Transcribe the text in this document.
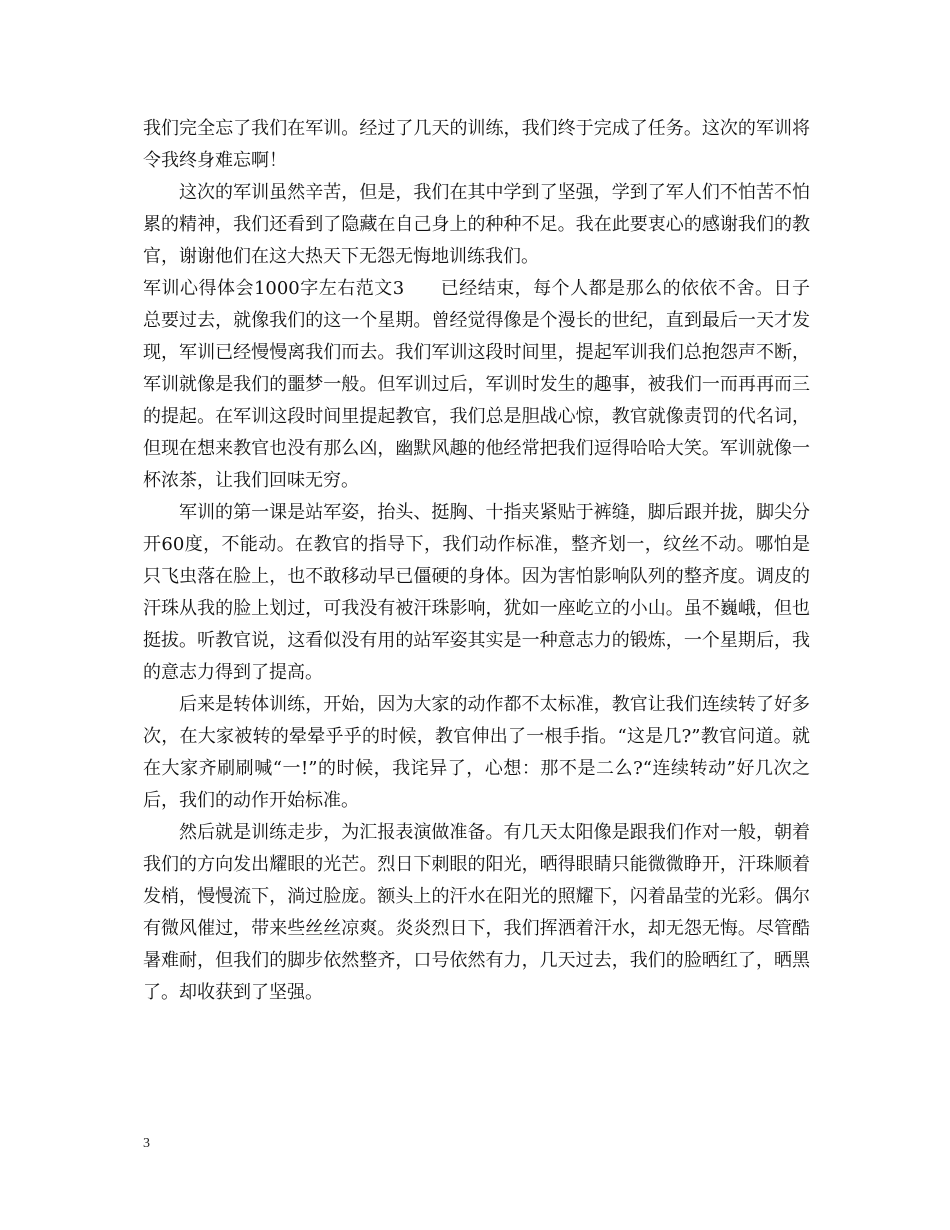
我们完全忘了我们在军训。经过了几天的训练，我们终于完成了任务。这次的军训将令我终身难忘啊！

这次的军训虽然辛苦，但是，我们在其中学到了坚强，学到了军人们不怕苦不怕累的精神，我们还看到了隐藏在自己身上的种种不足。我在此要衷心的感谢我们的教官，谢谢他们在这大热天下无怨无悔地训练我们。

军训心得体会1000字左右范文3 已经结束，每个人都是那么的依依不舍。日子总要过去，就像我们的这一个星期。曾经觉得像是个漫长的世纪，直到最后一天才发现，军训已经慢慢离我们而去。我们军训这段时间里，提起军训我们总抱怨声不断，军训就像是我们的噩梦一般。但军训过后，军训时发生的趣事，被我们一而再再而三的提起。在军训这段时间里提起教官，我们总是胆战心惊，教官就像责罚的代名词，但现在想来教官也没有那么凶，幽默风趣的他经常把我们逗得哈哈大笑。军训就像一杯浓茶，让我们回味无穷。

军训的第一课是站军姿，抬头、挺胸、十指夹紧贴于裤缝，脚后跟并拢，脚尖分开60度，不能动。在教官的指导下，我们动作标准，整齐划一，纹丝不动。哪怕是只飞虫落在脸上，也不敢移动早已僵硬的身体。因为害怕影响队列的整齐度。调皮的汗珠从我的脸上划过，可我没有被汗珠影响，犹如一座屹立的小山。虽不巍峨，但也挺拔。听教官说，这看似没有用的站军姿其实是一种意志力的锻炼，一个星期后，我的意志力得到了提高。

后来是转体训练，开始，因为大家的动作都不太标准，教官让我们连续转了好多次，在大家被转的晕晕乎乎的时候，教官伸出了一根手指。“这是几?”教官问道。就在大家齐刷刷喊“一!”的时候，我诧异了，心想：那不是二么?“连续转动”好几次之后，我们的动作开始标准。

然后就是训练走步，为汇报表演做准备。有几天太阳像是跟我们作对一般，朝着我们的方向发出耀眼的光芒。烈日下刺眼的阳光，晒得眼睛只能微微睁开，汗珠顺着发梢，慢慢流下，淌过脸庞。额头上的汗水在阳光的照耀下，闪着晶莹的光彩。偶尔有微风催过，带来些丝丝凉爽。炎炎烈日下，我们挥洒着汗水，却无怨无悔。尽管酷暑难耐，但我们的脚步依然整齐，口号依然有力，几天过去，我们的脸晒红了，晒黑了。却收获到了坚强。

3
